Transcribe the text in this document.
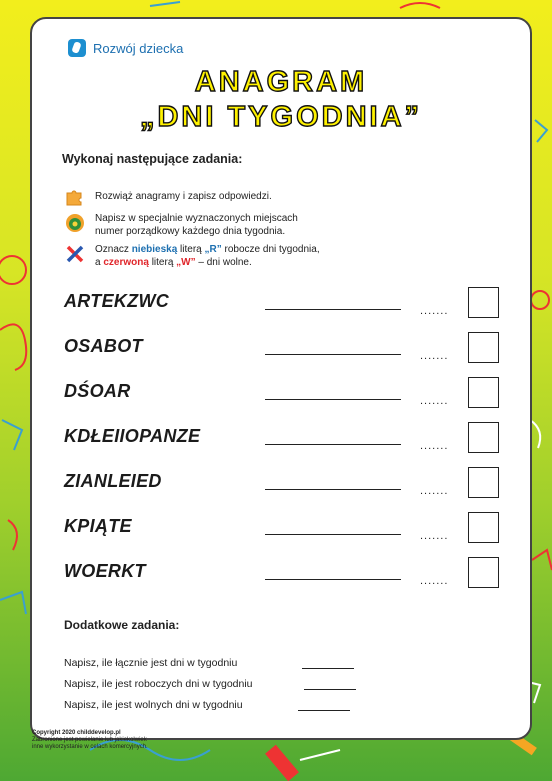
Rozwój dziecka
ANAGRAM
„DNI TYGODNIA”
Wykonaj następujące zadania:
Rozwiąż anagramy i zapisz odpowiedzi.
Napisz w specjalnie wyznaczonych miejscach
numer porządkowy każdego dnia tygodnia.
Oznacz niebieską literą „R” robocze dni tygodnia,
a czerwoną literą „W” – dni wolne.
ARTEKZWC	.......
OSABOT	.......
DŚOAR	.......
KDŁEIIOPANZE	.......
ZIANLEIED	.......
KPIĄTE	.......
WOERKT	.......
Dodatkowe zadania:
Napisz, ile łącznie jest dni w tygodniu
Napisz, ile jest roboczych dni w tygodniu
Napisz, ile jest wolnych dni w tygodniu
Copyright 2020 childdevelop.pl
Zabronione jest powielanie lub jakiekolwiek
inne wykorzystanie w celach komercyjnych.
